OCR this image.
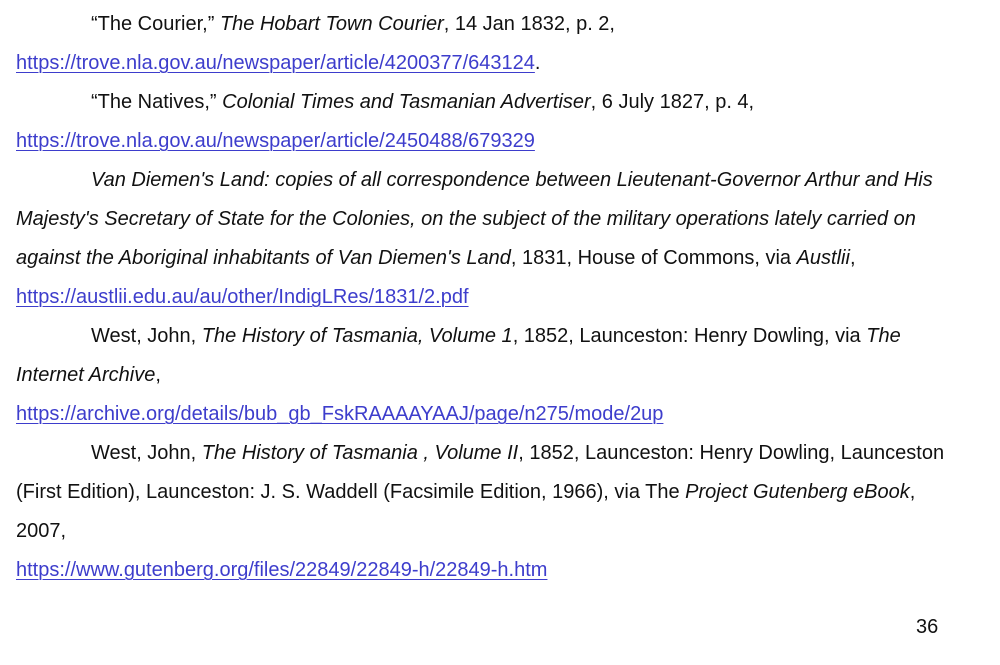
“The Courier,” The Hobart Town Courier, 14 Jan 1832, p. 2,
https://trove.nla.gov.au/newspaper/article/4200377/643124.

“The Natives,” Colonial Times and Tasmanian Advertiser, 6 July 1827, p. 4,
https://trove.nla.gov.au/newspaper/article/2450488/679329

Van Diemen's Land: copies of all correspondence between Lieutenant-Governor Arthur and His Majesty's Secretary of State for the Colonies, on the subject of the military operations lately carried on against the Aboriginal inhabitants of Van Diemen's Land, 1831, House of Commons, via Austlii, https://austlii.edu.au/au/other/IndigLRes/1831/2.pdf

West, John, The History of Tasmania, Volume 1, 1852, Launceston: Henry Dowling, via The Internet Archive,
https://archive.org/details/bub_gb_FskRAAAAYAAJ/page/n275/mode/2up

West, John, The History of Tasmania , Volume II, 1852, Launceston: Henry Dowling, Launceston (First Edition), Launceston: J. S. Waddell (Facsimile Edition, 1966), via The Project Gutenberg eBook, 2007,
https://www.gutenberg.org/files/22849/22849-h/22849-h.htm

36
